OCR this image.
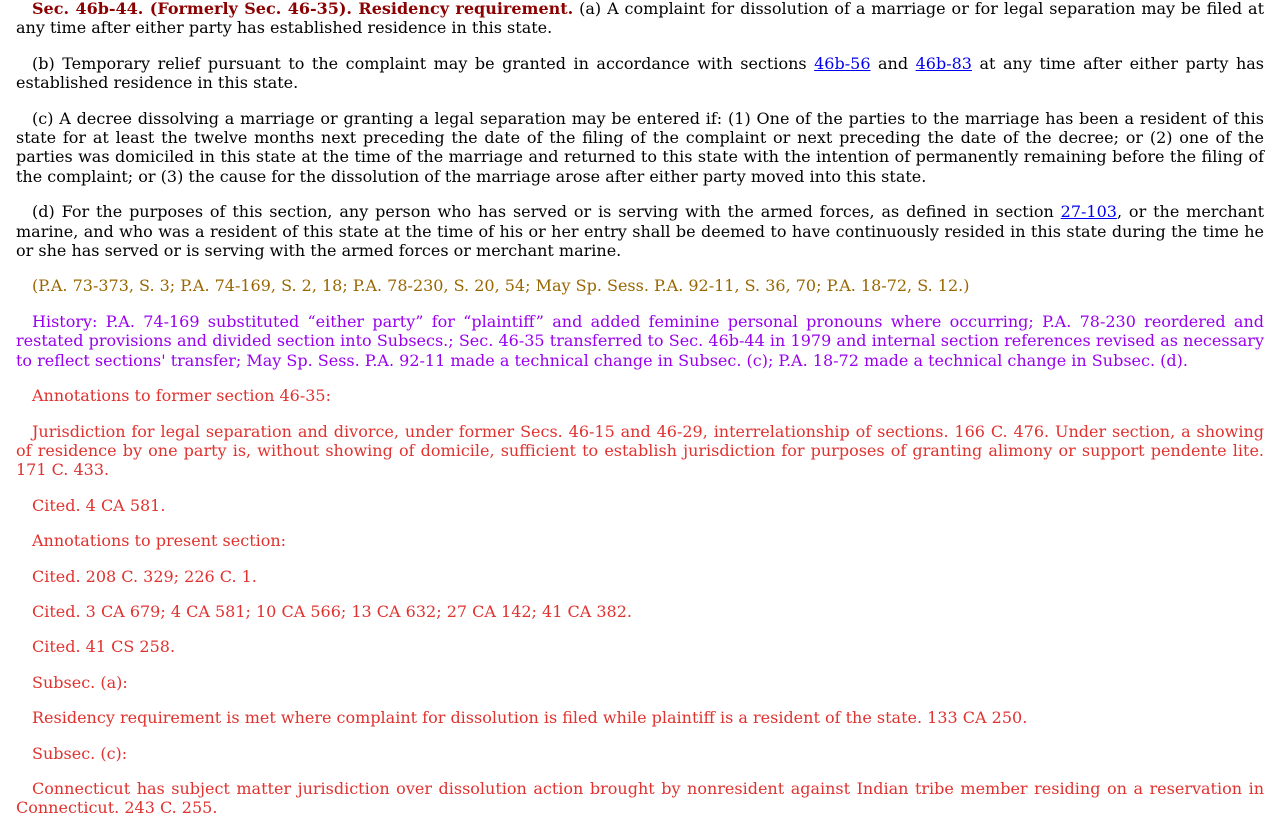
Sec. 46b-44. (Formerly Sec. 46-35). Residency requirement. (a) A complaint for dissolution of a marriage or for legal separation may be filed at any time after either party has established residence in this state.

(b) Temporary relief pursuant to the complaint may be granted in accordance with sections 46b-56 and 46b-83 at any time after either party has established residence in this state.

(c) A decree dissolving a marriage or granting a legal separation may be entered if: (1) One of the parties to the marriage has been a resident of this state for at least the twelve months next preceding the date of the filing of the complaint or next preceding the date of the decree; or (2) one of the parties was domiciled in this state at the time of the marriage and returned to this state with the intention of permanently remaining before the filing of the complaint; or (3) the cause for the dissolution of the marriage arose after either party moved into this state.

(d) For the purposes of this section, any person who has served or is serving with the armed forces, as defined in section 27-103, or the merchant marine, and who was a resident of this state at the time of his or her entry shall be deemed to have continuously resided in this state during the time he or she has served or is serving with the armed forces or merchant marine.

(P.A. 73-373, S. 3; P.A. 74-169, S. 2, 18; P.A. 78-230, S. 20, 54; May Sp. Sess. P.A. 92-11, S. 36, 70; P.A. 18-72, S. 12.)

History: P.A. 74-169 substituted “either party” for “plaintiff” and added feminine personal pronouns where occurring; P.A. 78-230 reordered and restated provisions and divided section into Subsecs.; Sec. 46-35 transferred to Sec. 46b-44 in 1979 and internal section references revised as necessary to reflect sections' transfer; May Sp. Sess. P.A. 92-11 made a technical change in Subsec. (c); P.A. 18-72 made a technical change in Subsec. (d).

Annotations to former section 46-35:

Jurisdiction for legal separation and divorce, under former Secs. 46-15 and 46-29, interrelationship of sections. 166 C. 476. Under section, a showing of residence by one party is, without showing of domicile, sufficient to establish jurisdiction for purposes of granting alimony or support pendente lite. 171 C. 433.

Cited. 4 CA 581.

Annotations to present section:

Cited. 208 C. 329; 226 C. 1.

Cited. 3 CA 679; 4 CA 581; 10 CA 566; 13 CA 632; 27 CA 142; 41 CA 382.

Cited. 41 CS 258.

Subsec. (a):

Residency requirement is met where complaint for dissolution is filed while plaintiff is a resident of the state. 133 CA 250.

Subsec. (c):

Connecticut has subject matter jurisdiction over dissolution action brought by nonresident against Indian tribe member residing on a reservation in Connecticut. 243 C. 255.
